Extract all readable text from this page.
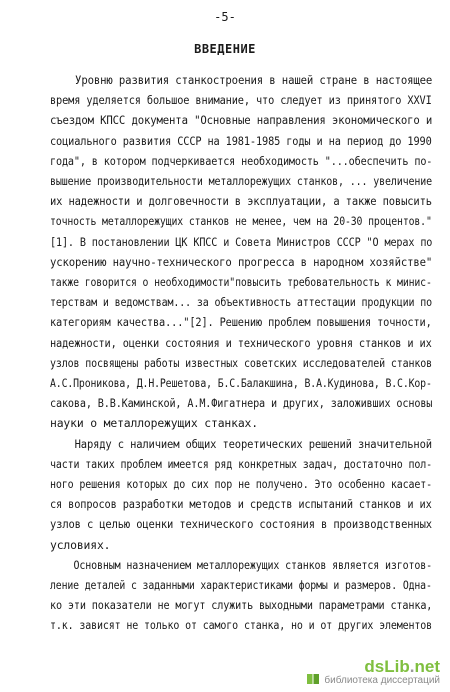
-5-
ВВЕДЕНИЕ
Уровню развития станкостроения в нашей стране в настоящее
время уделяется большое внимание, что следует из принятого XXVI
съездом КПСС документа "Основные направления экономического и
социального развития СССР на 1981-1985 годы и на период до 1990
года", в котором подчеркивается необходимость "...обеспечить по-
вышение производительности металлорежущих станков, ... увеличение
их надежности и долговечности в эксплуатации, а также повысить
точность металлорежущих станков не менее, чем на 20-30 процентов."
[1]. В постановлении ЦК КПСС и Совета Министров СССР "О мерах по
ускорению научно-технического прогресса в народном хозяйстве"
также говорится о необходимости"повысить требовательность к минис-
терствам и ведомствам... за объективность аттестации продукции по
категориям качества..."[2]. Решению проблем повышения точности,
надежности, оценки состояния и технического уровня станков и их
узлов посвящены работы известных советских исследователей станков
А.С.Проникова, Д.Н.Решетова, Б.С.Балакшина, В.А.Кудинова, В.С.Кор-
сакова, В.В.Каминской, А.М.Фигатнера и других, заложивших основы
науки о металлорежущих станках.
Наряду с наличием общих теоретических решений значительной
части таких проблем имеется ряд конкретных задач, достаточно пол-
ного решения которых до сих пор не получено. Это особенно касает-
ся вопросов разработки методов и средств испытаний станков и их
узлов с целью оценки технического состояния в производственных
условиях.
Основным назначением металлорежущих станков является изготов-
ление деталей с заданными характеристиками формы и размеров. Одна-
ко эти показатели не могут служить выходными параметрами станка,
т.к. зависят не только от самого станка, но и от других элементов
dsLib.net
библиотека диссертаций
